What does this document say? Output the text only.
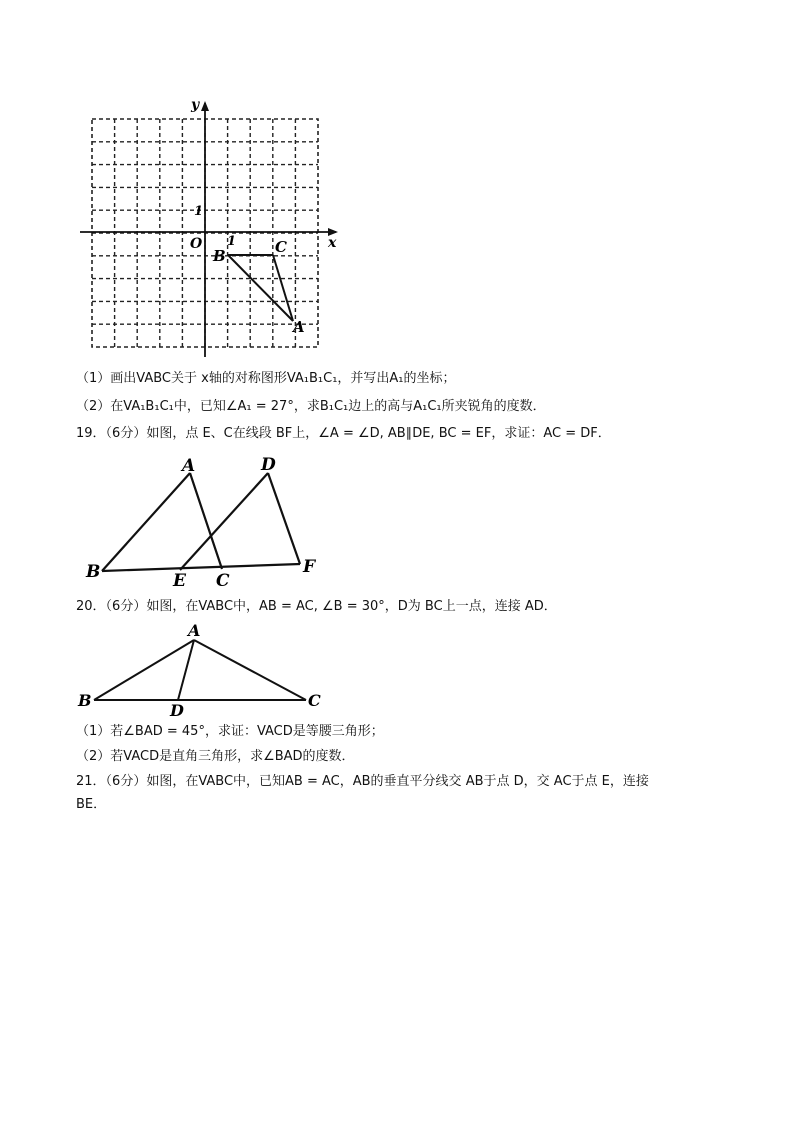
x
y
O 1
1
B	C
A
（1）画出VABC关于 x轴的对称图形VA₁B₁C₁，并写出A₁的坐标；
（2）在VA₁B₁C₁中，已知∠A₁ = 27°，求B₁C₁边上的高与A₁C₁所夹锐角的度数．
19．（6分）如图，点 E、C在线段 BF上，∠A = ∠D, AB∥DE, BC = EF，求证：AC = DF．
A	D
B	E C
F
20．（6分）如图，在VABC中，AB = AC, ∠B = 30°，D为 BC上一点，连接 AD．
A
B	C
D
（1）若∠BAD = 45°，求证：VACD是等腰三角形；
（2）若VACD是直角三角形，求∠BAD的度数．
21．（6分）如图，在VABC中，已知AB = AC，AB的垂直平分线交 AB于点 D，交 AC于点 E，连接
BE．
